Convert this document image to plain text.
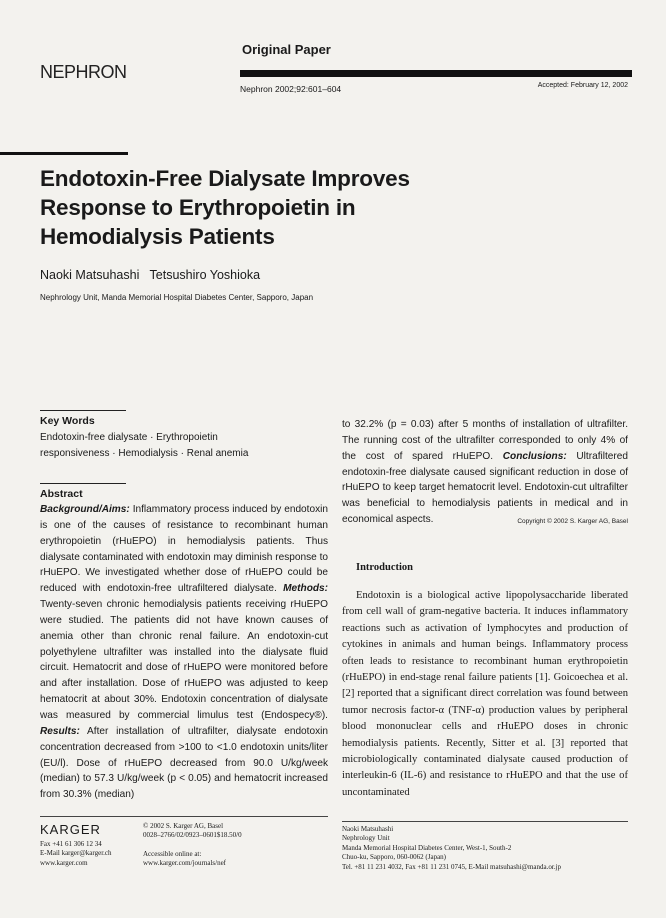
NEPHRON
Original Paper
Nephron 2002;92:601–604	Accepted: February 12, 2002
Endotoxin-Free Dialysate Improves Response to Erythropoietin in Hemodialysis Patients
Naoki Matsuhashi   Tetsushiro Yoshioka
Nephrology Unit, Manda Memorial Hospital Diabetes Center, Sapporo, Japan
Key Words
Endotoxin-free dialysate · Erythropoietin
responsiveness · Hemodialysis · Renal anemia
Abstract

Background/Aims: Inflammatory process induced by endotoxin is one of the causes of resistance to recombinant human erythropoietin (rHuEPO) in hemodialysis patients. Thus dialysate contaminated with endotoxin may diminish response to rHuEPO. We investigated whether dose of rHuEPO could be reduced with endotoxin-free ultrafiltered dialysate. Methods: Twenty-seven chronic hemodialysis patients receiving rHuEPO were studied. The patients did not have known causes of anemia other than chronic renal failure. An endotoxin-cut polyethylene ultrafilter was installed into the dialysate fluid circuit. Hematocrit and dose of rHuEPO were monitored before and after installation. Dose of rHuEPO was adjusted to keep hematocrit at about 30%. Endotoxin concentration of dialysate was measured by commercial limulus test (Endospecy®). Results: After installation of ultrafilter, dialysate endotoxin concentration decreased from >100 to <1.0 endotoxin units/liter (EU/l). Dose of rHuEPO decreased from 90.0 U/kg/week (median) to 57.3 U/kg/week (p < 0.05) and hematocrit increased from 30.3% (median)

to 32.2% (p = 0.03) after 5 months of installation of ultrafilter. The running cost of the ultrafilter corresponded to only 4% of the cost of spared rHuEPO. Conclusions: Ultrafiltered endotoxin-free dialysate caused significant reduction in dose of rHuEPO to keep target hematocrit level. Endotoxin-cut ultrafilter was beneficial to hemodialysis patients in medical and in economical aspects.	Copyright © 2002 S. Karger AG, Basel
Introduction

Endotoxin is a biological active lipopolysaccharide liberated from cell wall of gram-negative bacteria. It induces inflammatory reactions such as activation of lymphocytes and production of cytokines in animals and human beings. Inflammatory process often leads to resistance to recombinant human erythropoietin (rHuEPO) in end-stage renal failure patients [1]. Goicoechea et al. [2] reported that a significant direct correlation was found between tumor necrosis factor-α (TNF-α) production values by peripheral blood mononuclear cells and rHuEPO doses in chronic hemodialysis patients. Recently, Sitter et al. [3] reported that microbiologically contaminated dialysate caused production of interleukin-6 (IL-6) and resistance to rHuEPO and that the use of uncontaminated

KARGER
Fax +41 61 306 12 34
E-Mail karger@karger.ch
www.karger.com
© 2002 S. Karger AG, Basel
0028–2766/02/0923–0601$18.50/0
Accessible online at:
www.karger.com/journals/nef
Naoki Matsuhashi
Nephrology Unit
Manda Memorial Hospital Diabetes Center, West-1, South-2
Chuo-ku, Sapporo, 060-0062 (Japan)
Tel. +81 11 231 4032, Fax +81 11 231 0745, E-Mail matsuhashi@manda.or.jp
